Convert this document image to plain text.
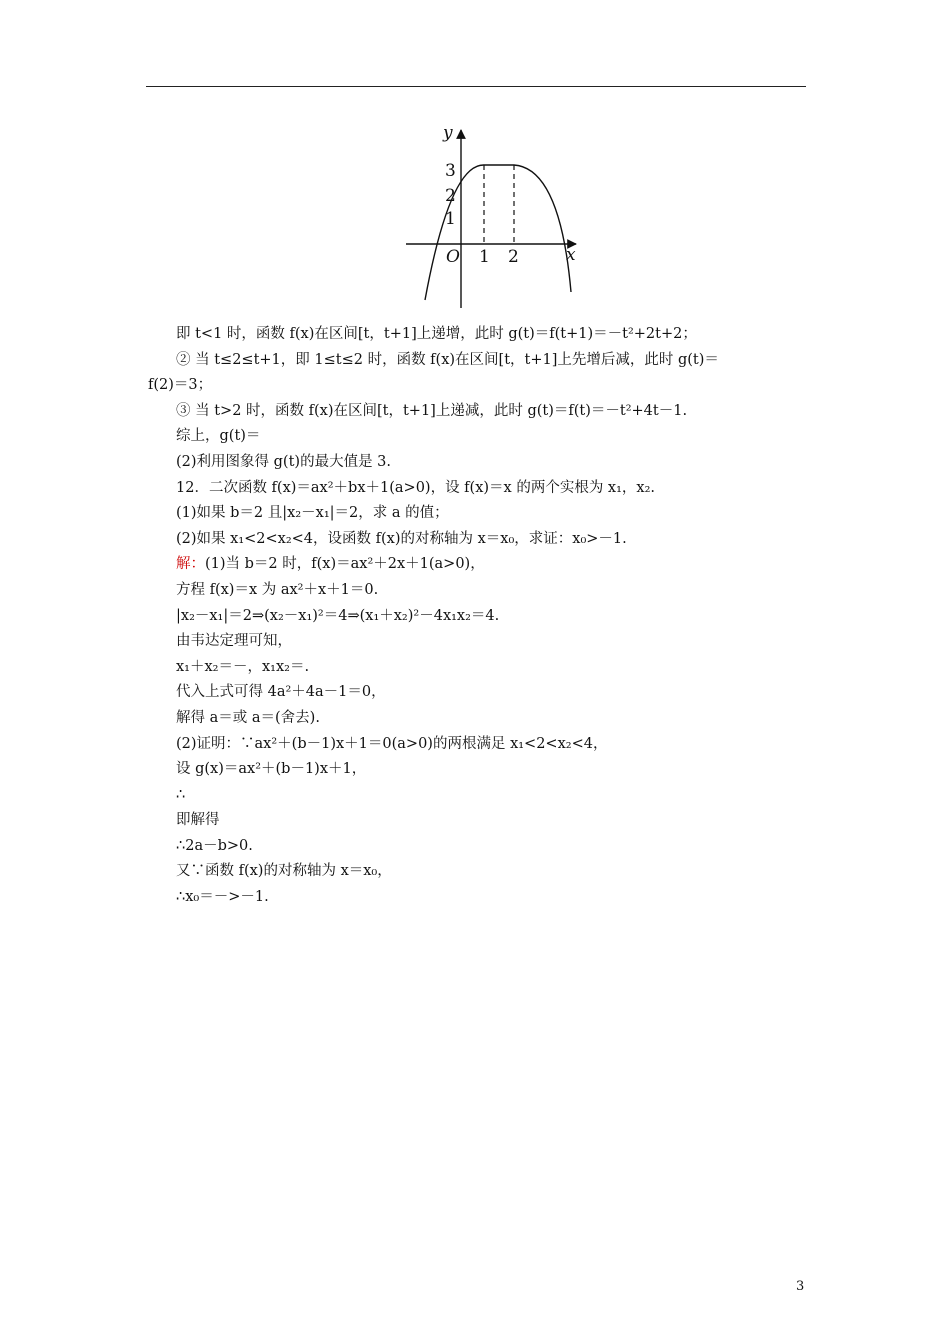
y
x
O 1 2
1
2
3
即 t<1 时，函数 f(x)在区间[t，t+1]上递增，此时 g(t)＝f(t+1)＝－t²+2t+2；
② 当 t≤2≤t+1，即 1≤t≤2 时，函数 f(x)在区间[t，t+1]上先增后减，此时 g(t)＝
f(2)＝3；
③ 当 t>2 时，函数 f(x)在区间[t，t+1]上递减，此时 g(t)＝f(t)＝－t²+4t－1.
综上，g(t)＝
(2)利用图象得 g(t)的最大值是 3.
12．二次函数 f(x)＝ax²＋bx＋1(a>0)，设 f(x)＝x 的两个实根为 x₁，x₂.
(1)如果 b＝2 且|x₂－x₁|＝2，求 a 的值；
(2)如果 x₁<2<x₂<4，设函数 f(x)的对称轴为 x＝x₀，求证：x₀>－1.
解：(1)当 b＝2 时，f(x)＝ax²＋2x＋1(a>0)，
方程 f(x)＝x 为 ax²＋x＋1＝0.
|x₂－x₁|＝2⇒(x₂－x₁)²＝4⇒(x₁＋x₂)²－4x₁x₂＝4.
由韦达定理可知，
x₁＋x₂＝－，x₁x₂＝.
代入上式可得 4a²＋4a－1＝0，
解得 a＝或 a＝(舍去).
(2)证明：∵ax²＋(b－1)x＋1＝0(a>0)的两根满足 x₁<2<x₂<4，
设 g(x)＝ax²＋(b－1)x＋1，
∴
即解得
∴2a－b>0.
又∵函数 f(x)的对称轴为 x＝x₀，
∴x₀＝－>－1.
3
